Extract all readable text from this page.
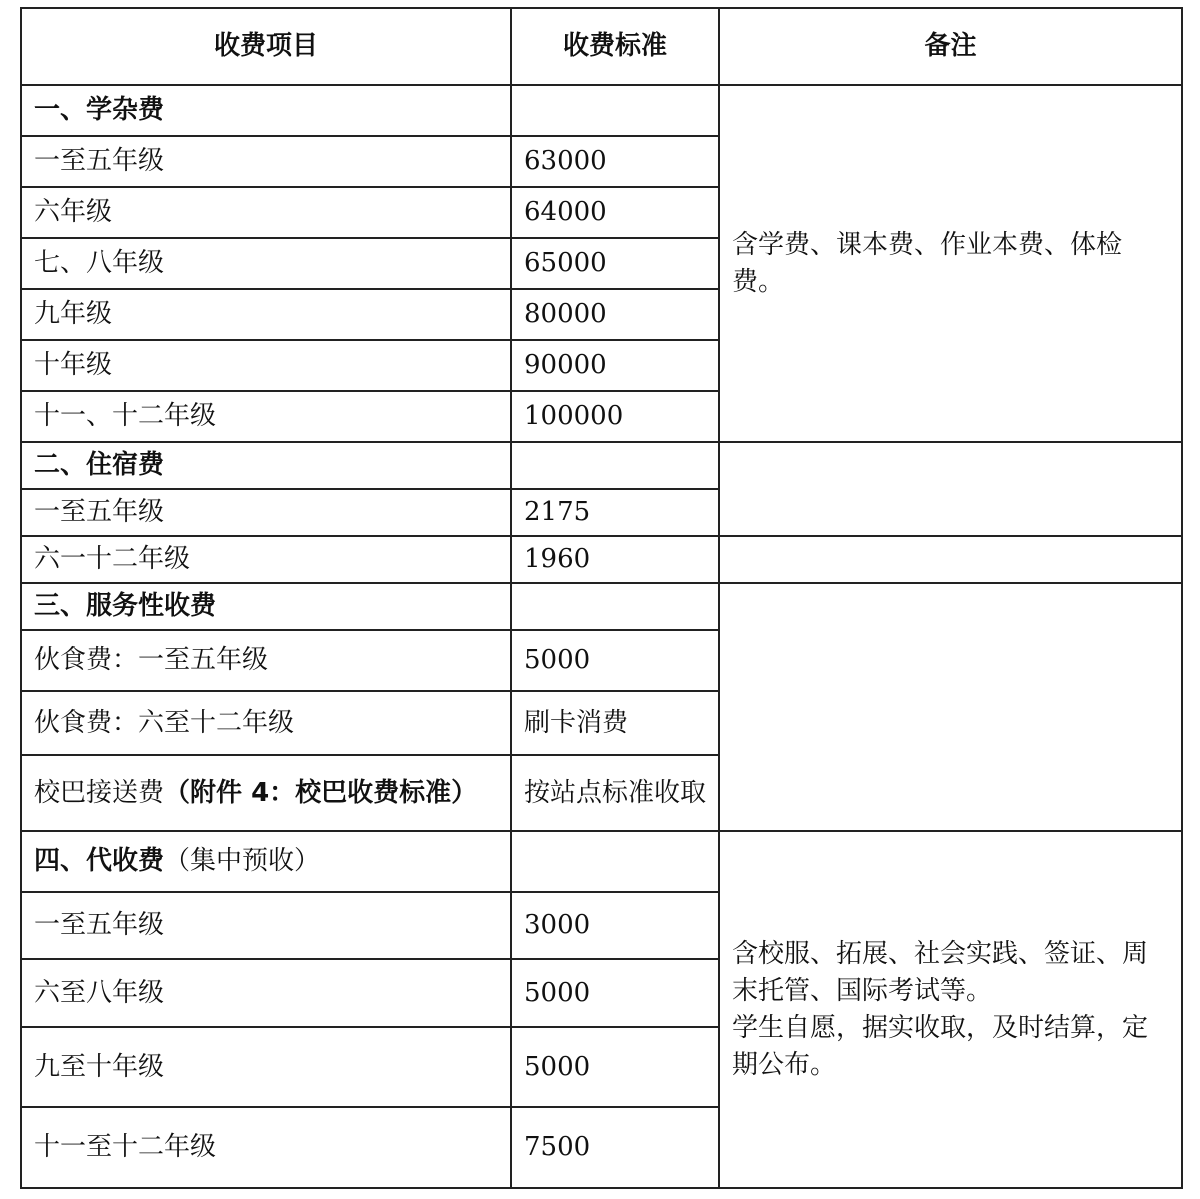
收费项目	收费标准	备注
一、学杂费		含学费、课本费、作业本费、体检费。
一至五年级	63000	
六年级	64000	
七、八年级	65000	
九年级	80000	
十年级	90000	
十一、十二年级	100000	
二、住宿费		
一至五年级	2175	
六一十二年级	1960	
三、服务性收费		
伙食费：一至五年级	5000	
伙食费：六至十二年级	刷卡消费	
校巴接送费（附件 4：校巴收费标准）	按站点标准收取	
四、代收费（集中预收）		含校服、拓展、社会实践、签证、周末托管、国际考试等。
学生自愿，据实收取，及时结算，定期公布。

一至五年级	3000	
六至八年级	5000	
九至十年级	5000	
十一至十二年级	7500	
